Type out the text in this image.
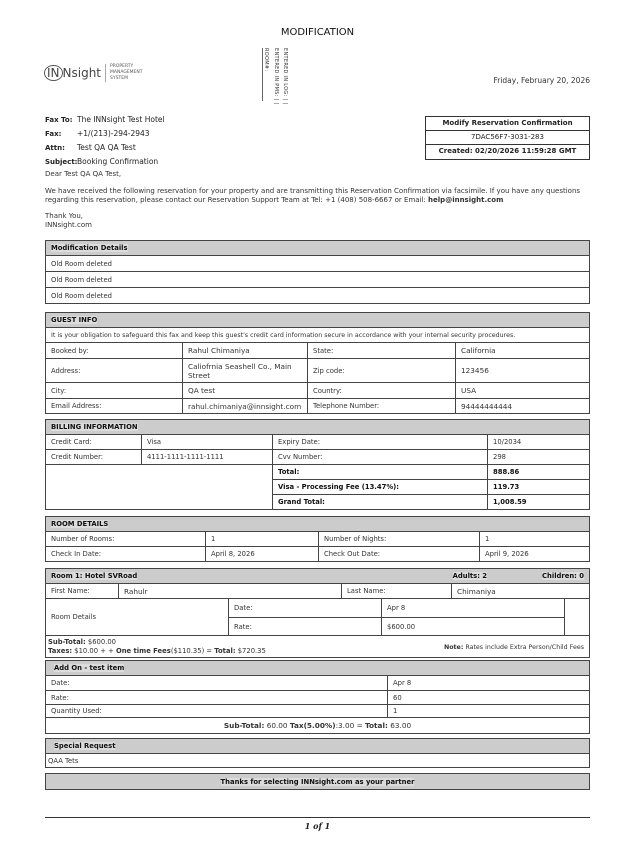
MODIFICATION
IN Nsight PROPERTY
MANAGEMENT
SYSTEM	ENTERED IN LOG: | |
ENTERED IN PMS: | |
ROOM#:
Friday, February 20, 2026
Fax To: The INNsight Test Hotel
Fax: +1/(213)-294-2943
Attn: Test QA QA Test
Subject:Booking Confirmation
Modify Reservation Confirmation
7DAC56F7-3031-283
Created: 02/20/2026 11:59:28 GMT
Dear Test QA QA Test,
We have received the following reservation for your property and are transmitting this Reservation Confirmation via facsimile. If you have any questions regarding this reservation, please contact our Reservation Support Team at Tel: +1 (408) 508-6667 or Email: help@innsight.com
Thank You,
INNsight.com
Modification Details
Old Room deleted
Old Room deleted
Old Room deleted
GUEST INFO			
It is your obligation to safeguard this fax and keep this guest's credit card information secure in accordance with your internal security procedures.			
Booked by:	Rahul Chimaniya	State:	California
Address:	Caliofrnia Seashell Co., Main Street	Zip code:	123456
City:	QA test	Country:	USA
Email Address:	rahul.chimaniya@innsight.com	Telephone Number:	94444444444
BILLING INFORMATION			
Credit Card:	Visa	Expiry Date:	10/2034
Credit Number:	4111-1111-1111-1111	Cvv Number:	298
		Total:	888.86
		Visa - Processing Fee (13.47%):	119.73
		Grand Total:	1,008.59
ROOM DETAILS			
Number of Rooms:	1	Number of Nights:	1
Check In Date:	April 8, 2026	Check Out Date:	April 9, 2026
Room 1: Hotel SVRoad Children: 0
Adults: 2						

First Name:	Rahulr		Last Name:		Chimaniya	
Room Details		Date:		Apr 8		
		Rate:		$600.00		

Note: Rates include Extra Person/Child Fees
Sub-Total: $600.00
Taxes: $10.00 + + One time Fees($110.35) = Total: $720.35						
Add On - test item	
Date:	Apr 8
Rate:	60
Quantity Used:	1
Sub-Total: 60.00 Tax(5.00%):3.00 = Total: 63.00	
Special Request
QAA Tets
Thanks for selecting INNsight.com as your partner
1 of 1
